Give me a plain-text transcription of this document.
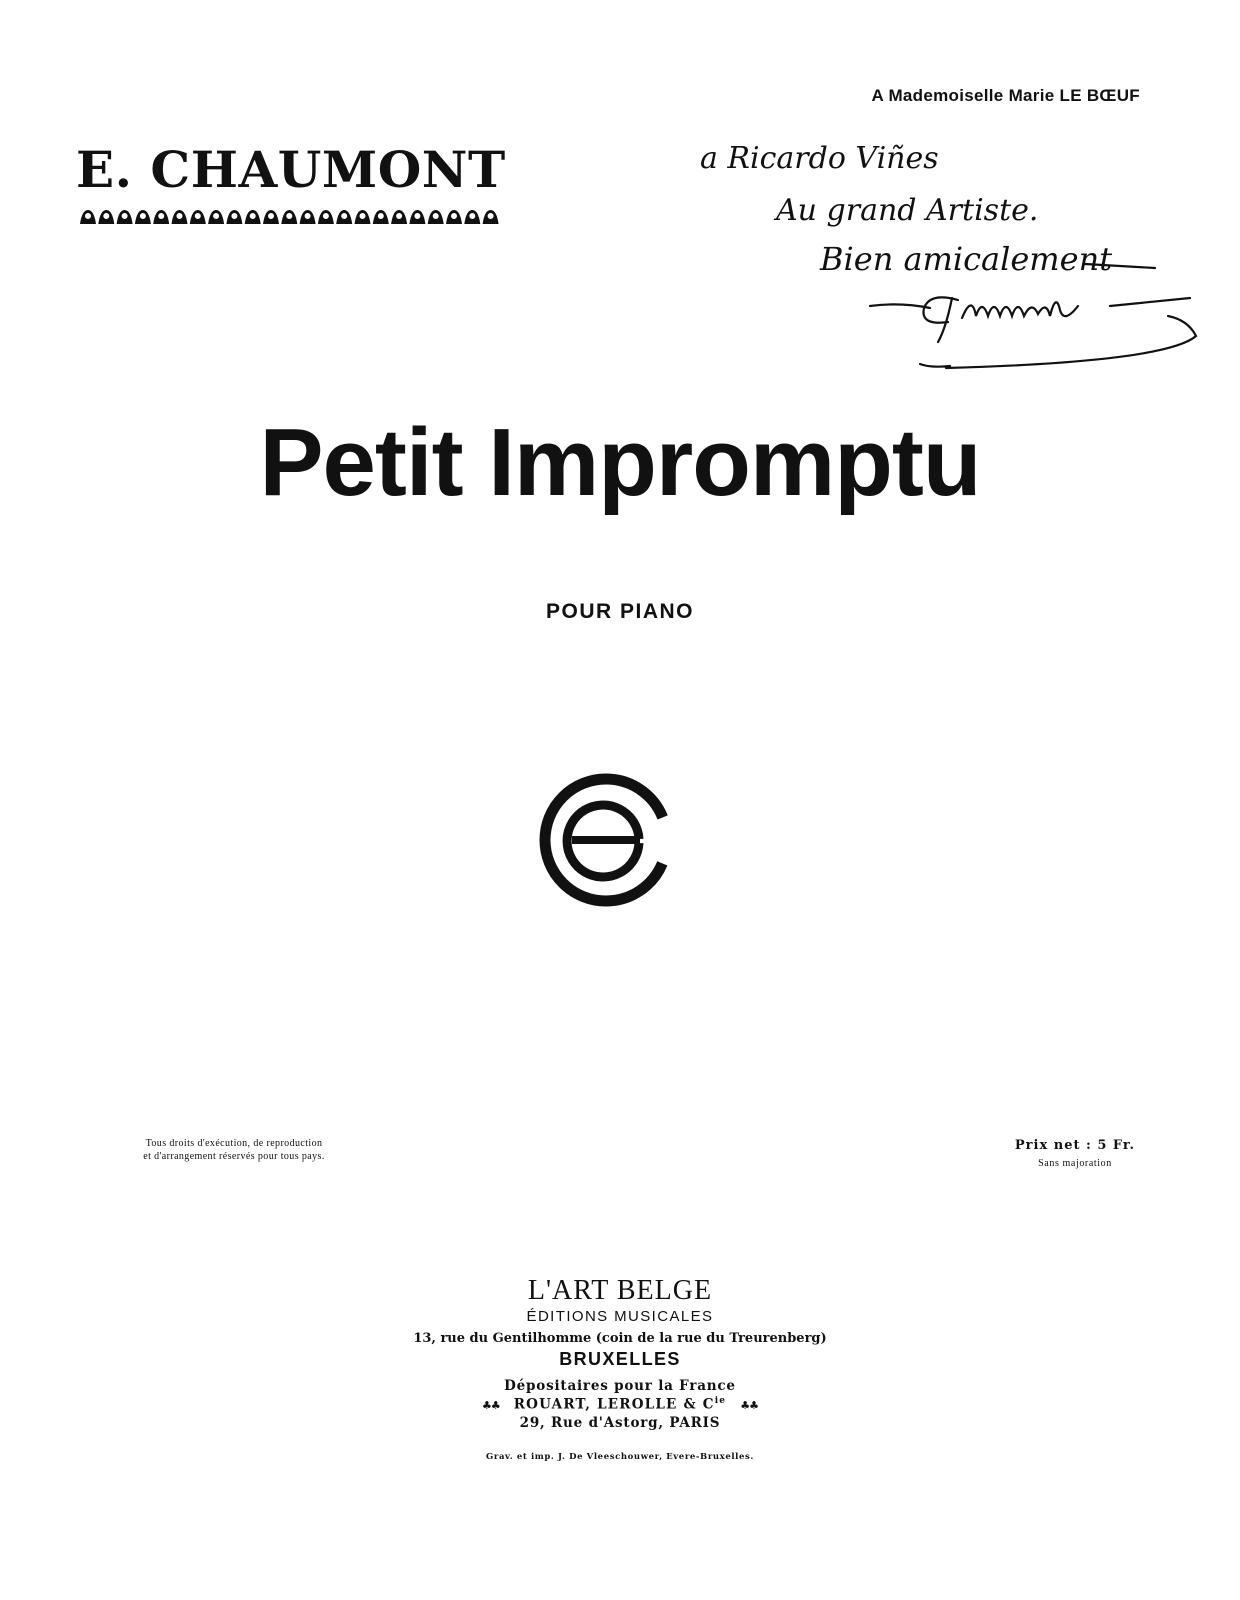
A Mademoiselle Marie LE BŒUF
E. CHAUMONT	a Ricardo Viñes
Au grand Artiste.
Bien amicalement
Petit Impromptu
POUR PIANO
Tous droits d'exécution, de reproduction
et d'arrangement réservés pour tous pays.
Prix net : 5 Fr.
Sans majoration
L'ART BELGE
ÉDITIONS MUSICALES
13, rue du Gentilhomme (coin de la rue du Treurenberg)
BRUXELLES
Dépositaires pour la France
♣♣ ROUART, LEROLLE & $C^{ie}$ ♣♣
29, Rue d'Astorg, PARIS
Grav. et imp. J. De Vleeschouwer, Evere-Bruxelles.
